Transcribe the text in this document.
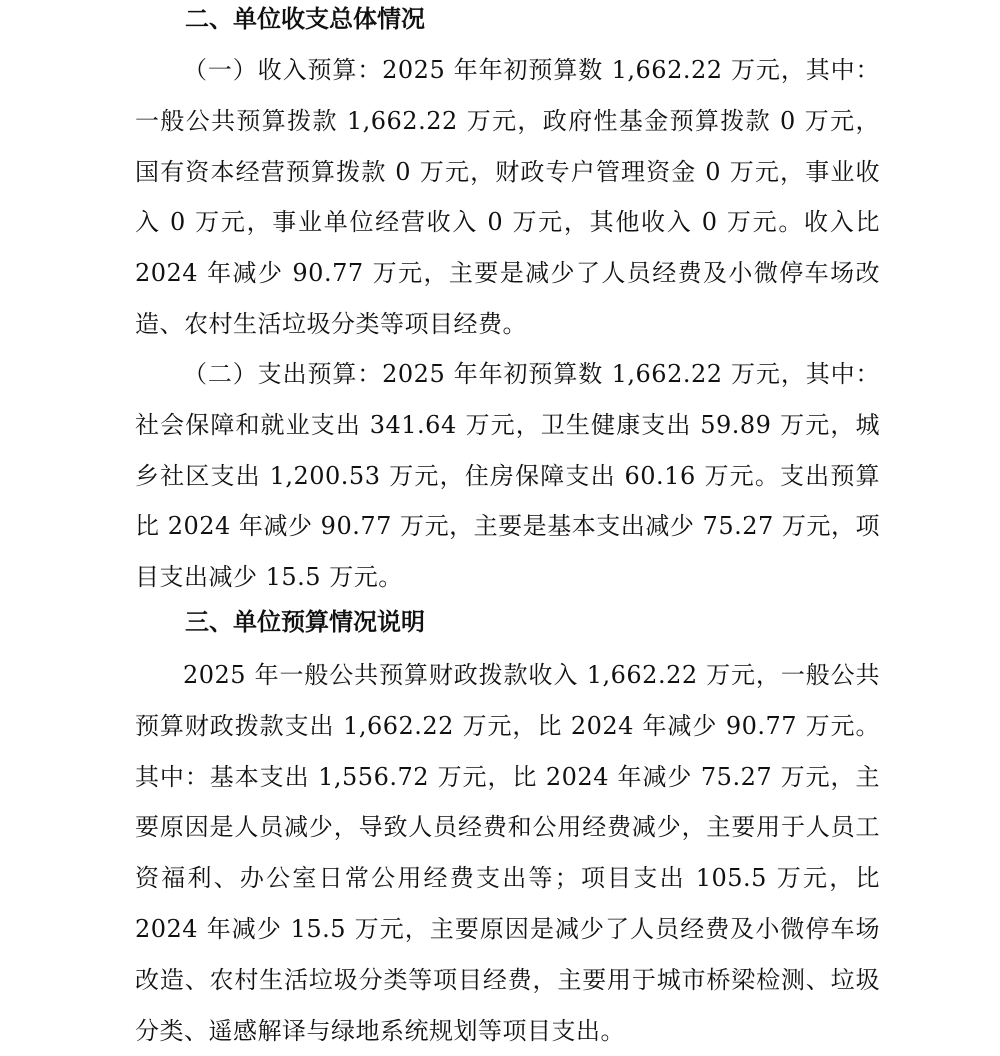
二、单位收支总体情况

（一）收入预算：2025 年年初预算数 1,662.22 万元，其中：一般公共预算拨款 1,662.22 万元，政府性基金预算拨款 0 万元，国有资本经营预算拨款 0 万元，财政专户管理资金 0 万元，事业收入 0 万元，事业单位经营收入 0 万元，其他收入 0 万元。收入比 2024 年减少 90.77 万元，主要是减少了人员经费及小微停车场改造、农村生活垃圾分类等项目经费。

（二）支出预算：2025 年年初预算数 1,662.22 万元，其中：社会保障和就业支出 341.64 万元，卫生健康支出 59.89 万元，城乡社区支出 1,200.53 万元，住房保障支出 60.16 万元。支出预算比 2024 年减少 90.77 万元，主要是基本支出减少 75.27 万元，项目支出减少 15.5 万元。

三、单位预算情况说明

2025 年一般公共预算财政拨款收入 1,662.22 万元，一般公共预算财政拨款支出 1,662.22 万元，比 2024 年减少 90.77 万元。其中：基本支出 1,556.72 万元，比 2024 年减少 75.27 万元，主要原因是人员减少，导致人员经费和公用经费减少，主要用于人员工资福利、办公室日常公用经费支出等；项目支出 105.5 万元，比 2024 年减少 15.5 万元，主要原因是减少了人员经费及小微停车场改造、农村生活垃圾分类等项目经费，主要用于城市桥梁检测、垃圾分类、遥感解译与绿地系统规划等项目支出。
